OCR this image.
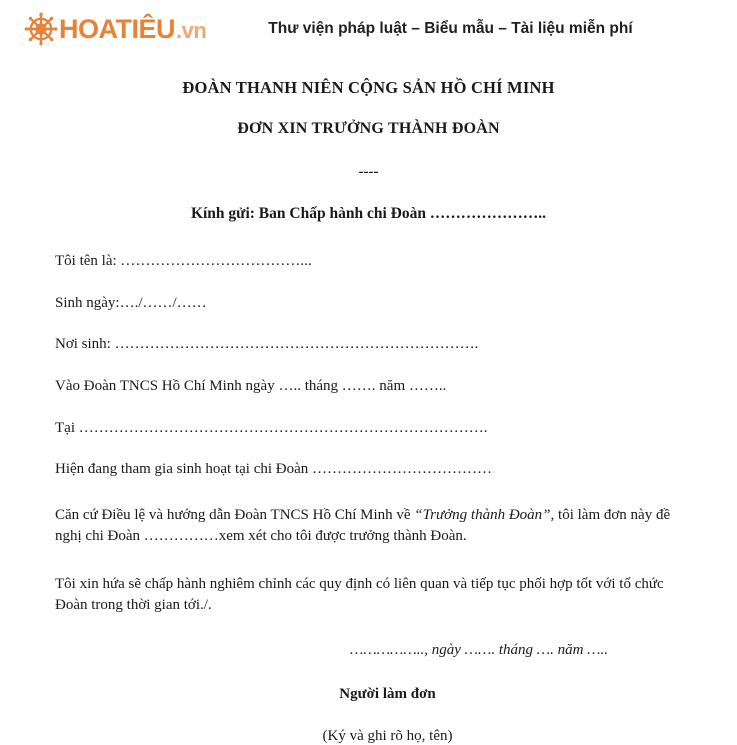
HOATIÊU .vn	Thư viện pháp luật – Biểu mẫu – Tài liệu miễn phí
ĐOÀN THANH NIÊN CỘNG SẢN HỒ CHÍ MINH
ĐƠN XIN TRƯỞNG THÀNH ĐOÀN
----
Kính gửi: Ban Chấp hành chi Đoàn …………………..

Tôi tên là: ………………………………...

Sinh ngày:…./……/……

Nơi sinh: ……………………………………………………………….

Vào Đoàn TNCS Hồ Chí Minh ngày ….. tháng ……. năm ……..

Tại ……………………………………………………………………….

Hiện đang tham gia sinh hoạt tại chi Đoàn ………………………………

Căn cứ Điều lệ và hướng dẫn Đoàn TNCS Hồ Chí Minh về “Trưởng thành Đoàn”, tôi làm đơn này đề nghị chi Đoàn ……………xem xét cho tôi được trưởng thành Đoàn.

Tôi xin hứa sẽ chấp hành nghiêm chỉnh các quy định có liên quan và tiếp tục phối hợp tốt với tổ chức Đoàn trong thời gian tới./.

…………….., ngày ……. tháng …. năm …..
Người làm đơn
(Ký và ghi rõ họ, tên)
